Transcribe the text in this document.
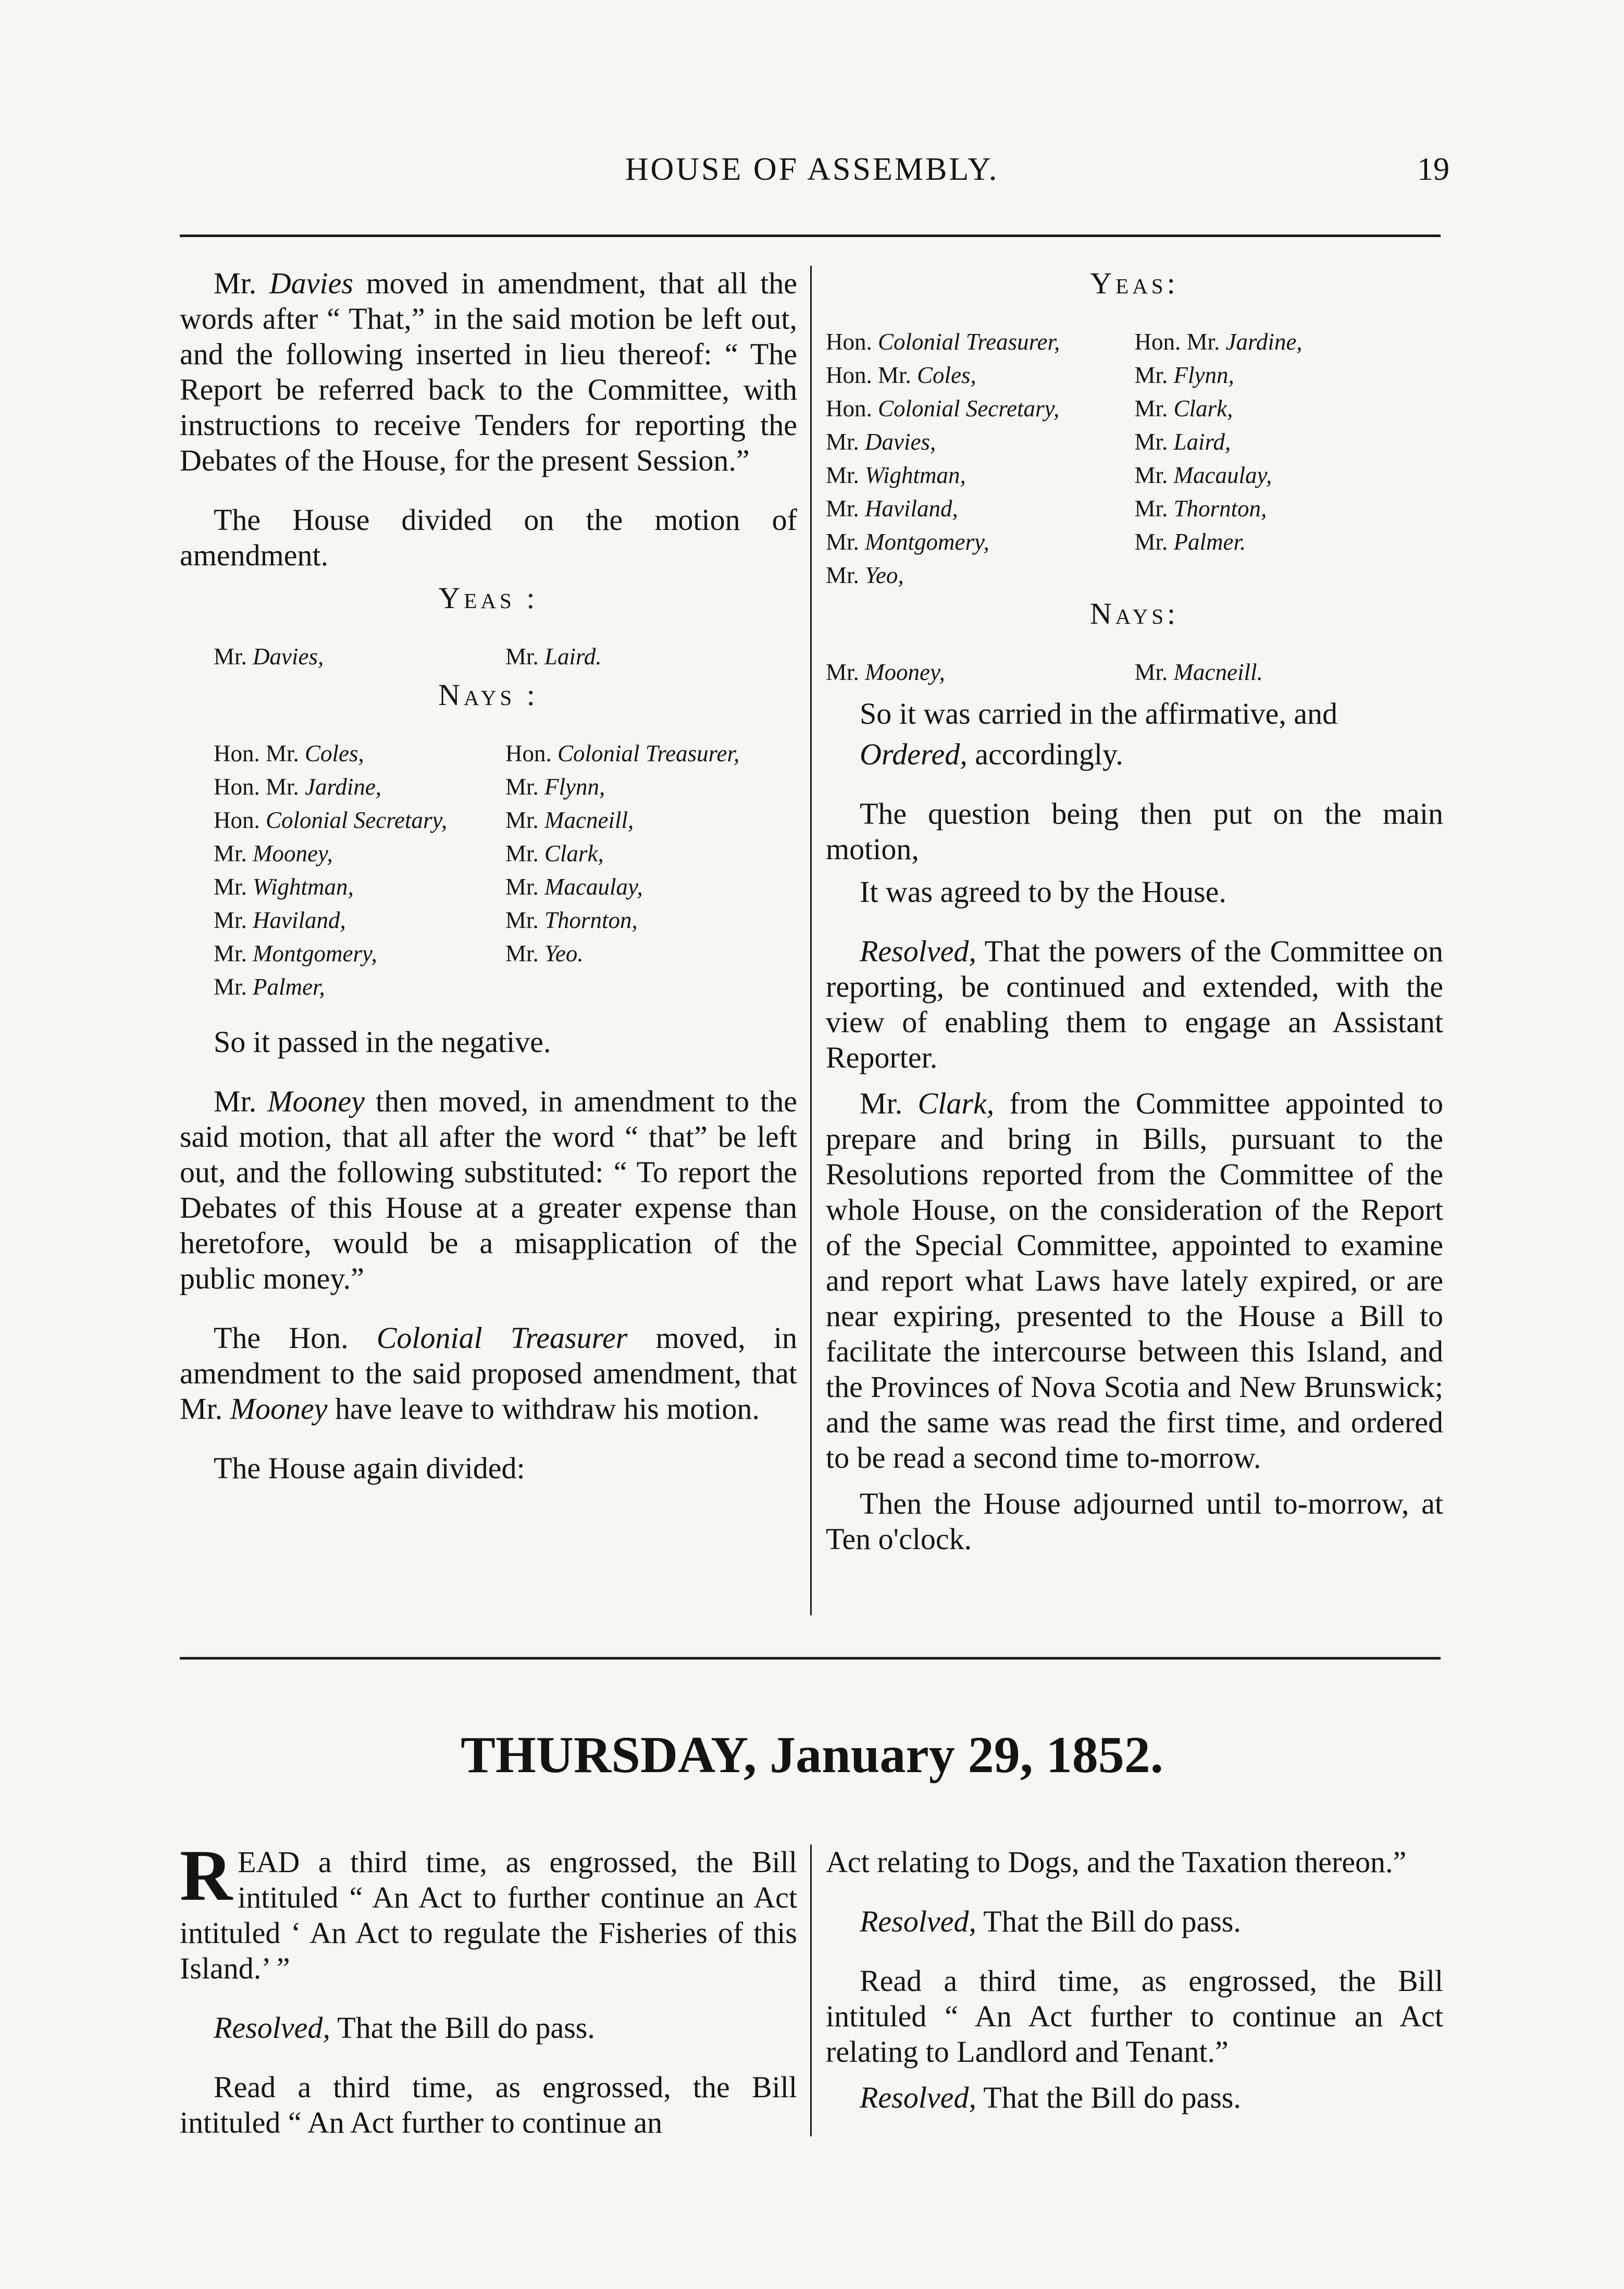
HOUSE OF ASSEMBLY.	19

Mr. Davies moved in amendment, that all the words after “ That,” in the said motion be left out, and the following inserted in lieu thereof: “ The Report be referred back to the Committee, with instructions to receive Tenders for reporting the Debates of the House, for the present Session.”

The House divided on the motion of amendment.

Yeas :

Mr. Davies,	Mr. Laird.

Nays :

Hon. Mr. Coles,	Hon. Colonial Treasurer,
Hon. Mr. Jardine,	Mr. Flynn,
Hon. Colonial Secretary,	Mr. Macneill,
Mr. Mooney,	Mr. Clark,
Mr. Wightman,	Mr. Macaulay,
Mr. Haviland,	Mr. Thornton,
Mr. Montgomery,	Mr. Yeo.
Mr. Palmer,

So it passed in the negative.

Mr. Mooney then moved, in amendment to the said motion, that all after the word “ that” be left out, and the following substituted: “ To report the Debates of this House at a greater expense than heretofore, would be a misapplication of the public money.”

The Hon. Colonial Treasurer moved, in amendment to the said proposed amendment, that Mr. Mooney have leave to withdraw his motion.

The House again divided:

Yeas:

Hon. Colonial Treasurer,	Hon. Mr. Jardine,
Hon. Mr. Coles,	Mr. Flynn,
Hon. Colonial Secretary,	Mr. Clark,
Mr. Davies,	Mr. Laird,
Mr. Wightman,	Mr. Macaulay,
Mr. Haviland,	Mr. Thornton,
Mr. Montgomery,	Mr. Palmer.
Mr. Yeo,

Nays:

Mr. Mooney,	Mr. Macneill.

So it was carried in the affirmative, and

Ordered, accordingly.

The question being then put on the main motion,

It was agreed to by the House.

Resolved, That the powers of the Committee on reporting, be continued and extended, with the view of enabling them to engage an Assistant Reporter.

Mr. Clark, from the Committee appointed to prepare and bring in Bills, pursuant to the Resolutions reported from the Committee of the whole House, on the consideration of the Report of the Special Committee, appointed to examine and report what Laws have lately expired, or are near expiring, presented to the House a Bill to facilitate the intercourse between this Island, and the Provinces of Nova Scotia and New Brunswick; and the same was read the first time, and ordered to be read a second time to-morrow.

Then the House adjourned until to-morrow, at Ten o'clock.

THURSDAY, January 29, 1852.

READ a third time, as engrossed, the Bill intituled “ An Act to further continue an Act intituled ‘ An Act to regulate the Fisheries of this Island.’ ”

Resolved, That the Bill do pass.

Read a third time, as engrossed, the Bill intituled “ An Act further to continue an

Act relating to Dogs, and the Taxation thereon.”

Resolved, That the Bill do pass.

Read a third time, as engrossed, the Bill intituled “ An Act further to continue an Act relating to Landlord and Tenant.”

Resolved, That the Bill do pass.
